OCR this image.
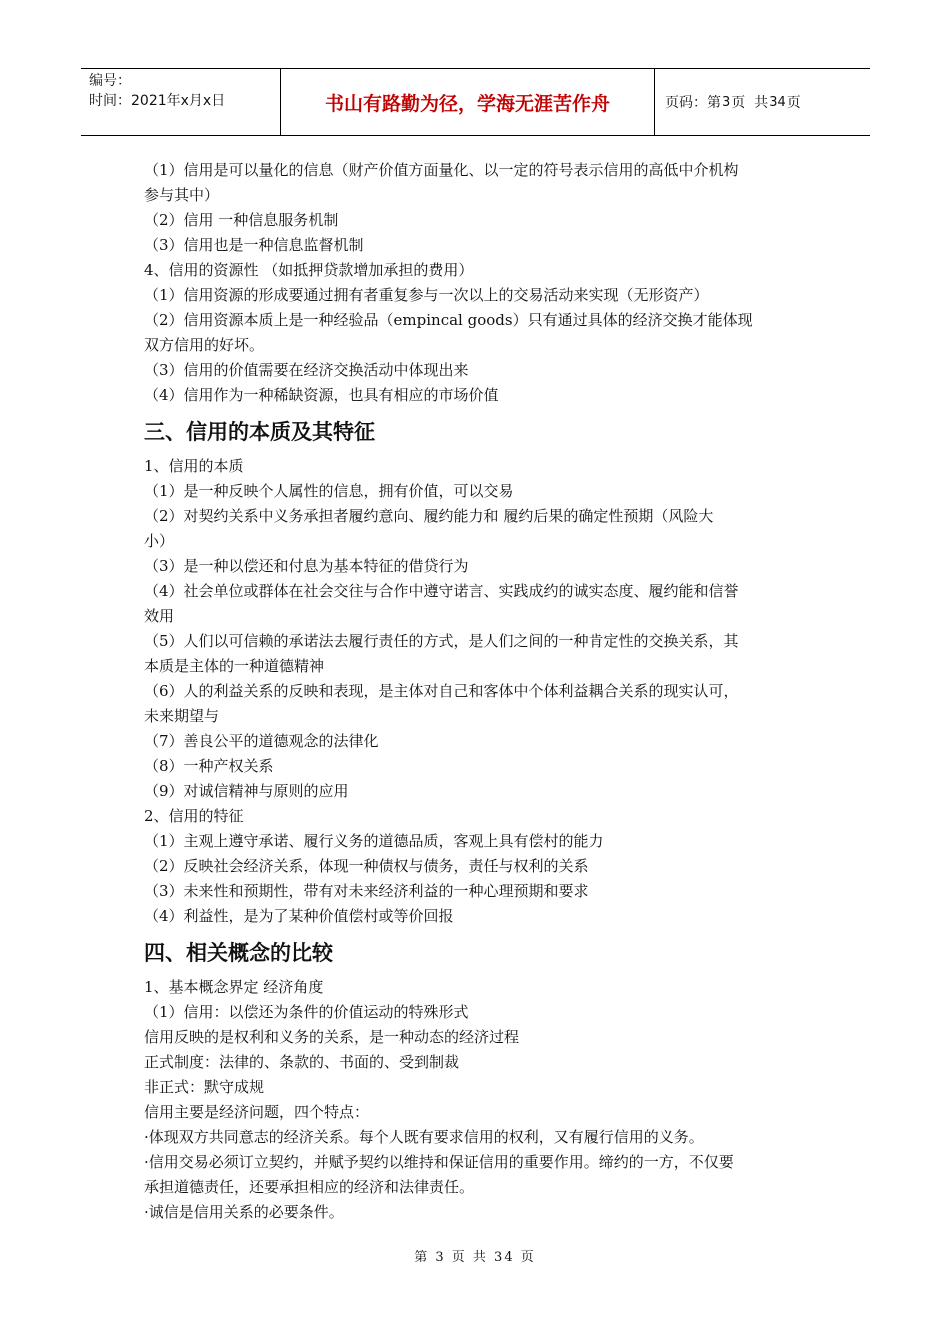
编号：
时间：2021年x月x日	书山有路勤为径，学海无涯苦作舟	页码：第 3 页  共 34 页
（1）信用是可以量化的信息（财产价值方面量化、以一定的符号表示信用的高低中介机构
参与其中）
（2）信用 一种信息服务机制
（3）信用也是一种信息监督机制
4、信用的资源性 （如抵押贷款增加承担的费用）
（1）信用资源的形成要通过拥有者重复参与一次以上的交易活动来实现（无形资产）
（2）信用资源本质上是一种经验品（empincal goods）只有通过具体的经济交换才能体现
双方信用的好坏。
（3）信用的价值需要在经济交换活动中体现出来
（4）信用作为一种稀缺资源，也具有相应的市场价值
三、信用的本质及其特征
1、信用的本质
（1）是一种反映个人属性的信息，拥有价值，可以交易
（2）对契约关系中义务承担者履约意向、履约能力和 履约后果的确定性预期（风险大
小）
（3）是一种以偿还和付息为基本特征的借贷行为
（4）社会单位或群体在社会交往与合作中遵守诺言、实践成约的诚实态度、履约能和信誉
效用
（5）人们以可信赖的承诺法去履行责任的方式，是人们之间的一种肯定性的交换关系，其
本质是主体的一种道德精神
（6）人的利益关系的反映和表现，是主体对自己和客体中个体利益耦合关系的现实认可，
未来期望与
（7）善良公平的道德观念的法律化
（8）一种产权关系
（9）对诚信精神与原则的应用
2、信用的特征
（1）主观上遵守承诺、履行义务的道德品质，客观上具有偿村的能力
（2）反映社会经济关系，体现一种债权与债务，责任与权利的关系
（3）未来性和预期性，带有对未来经济利益的一种心理预期和要求
（4）利益性，是为了某种价值偿村或等价回报
四、相关概念的比较
1、基本概念界定 经济角度
（1）信用：以偿还为条件的价值运动的特殊形式
信用反映的是权利和义务的关系，是一种动态的经济过程
正式制度：法律的、条款的、书面的、受到制裁
非正式：默守成规
信用主要是经济问题，四个特点：
·体现双方共同意志的经济关系。每个人既有要求信用的权利，又有履行信用的义务。
·信用交易必须订立契约，并赋予契约以维持和保证信用的重要作用。缔约的一方，不仅要
承担道德责任，还要承担相应的经济和法律责任。
·诚信是信用关系的必要条件。
第 3 页 共 34 页
